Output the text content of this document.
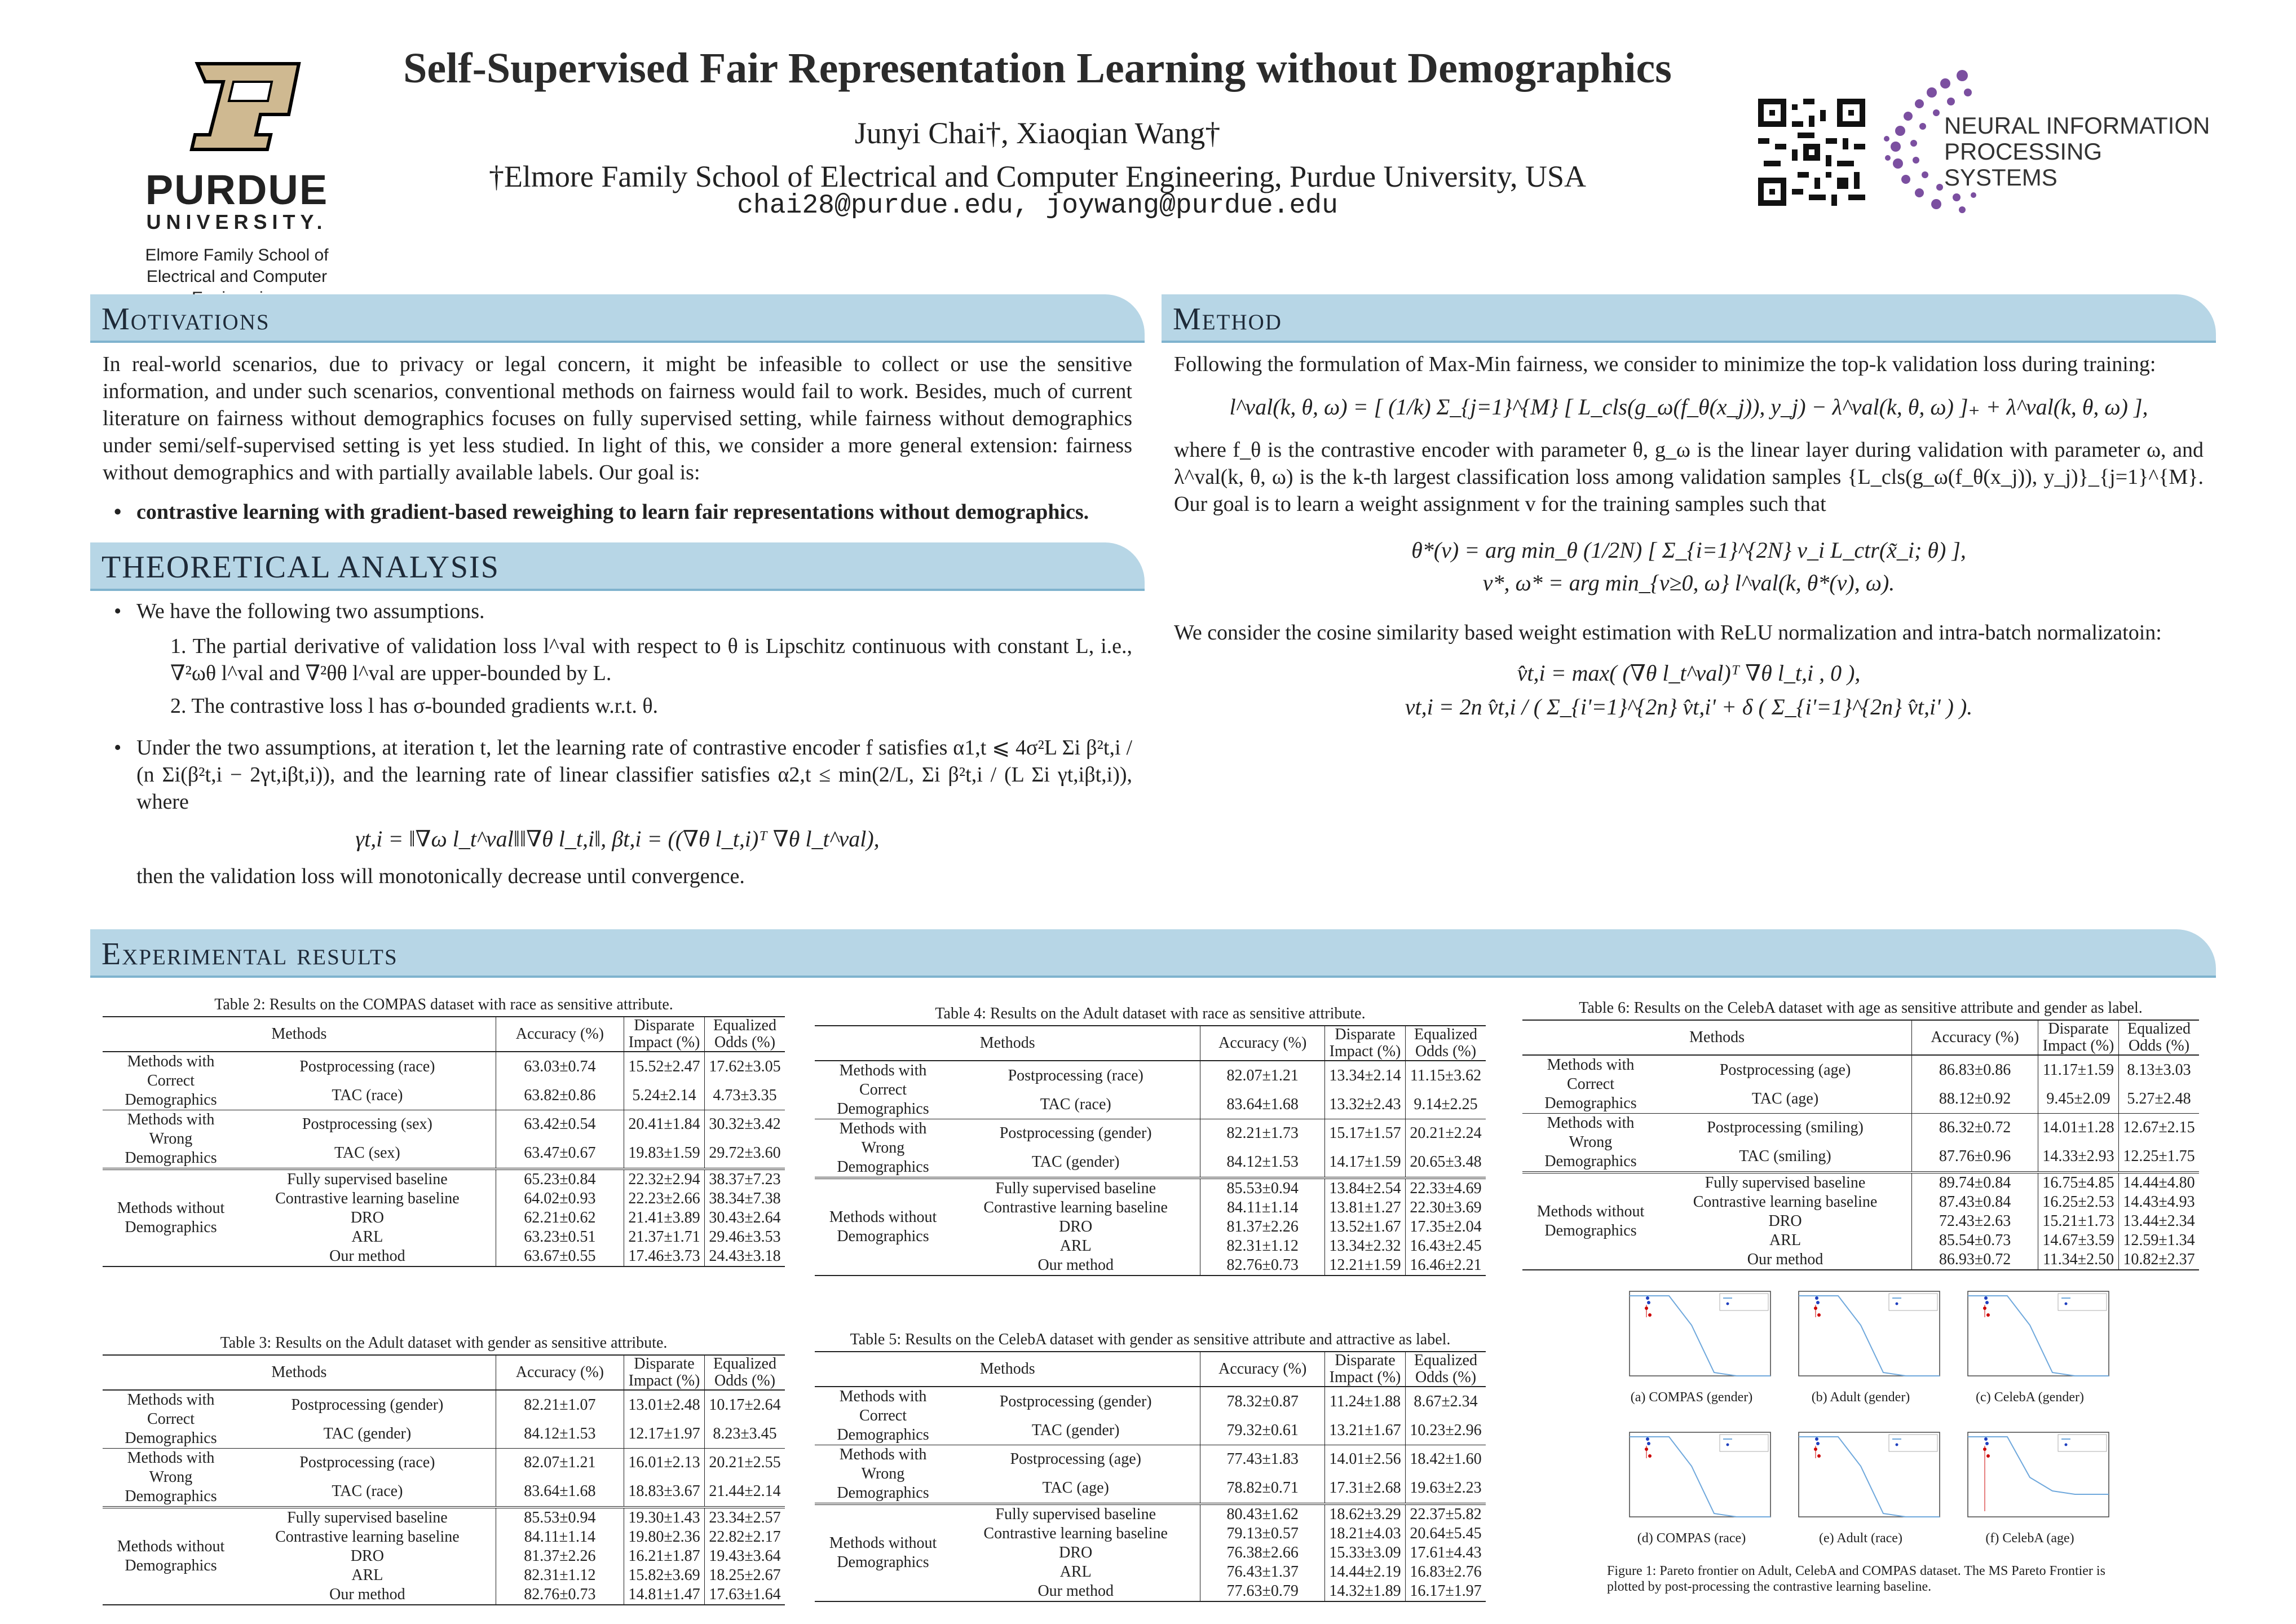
PURDUE
UNIVERSITY.
Elmore Family School of Electrical and Computer
Self-Supervised Fair Representation Learning without Demographics
Junyi Chai†, Xiaoqian Wang†
†Elmore Family School of Electrical and Computer Engineering, Purdue University, USA
chai28@purdue.edu, joywang@purdue.edu
NEURAL INFORMATION
PROCESSING SYSTEMS
Motivations
In real-world scenarios, due to privacy or legal concern, it might be infeasible to collect or use the sensitive information, and under such scenarios, conventional methods on fairness would fail to work. Besides, much of current literature on fairness without demographics focuses on fully supervised setting, while fairness without demographics under semi/self-supervised setting is yet less studied. In light of this, we consider a more general extension: fairness without demographics and with partially available labels. Our goal is:
• contrastive learning with gradient-based reweighing to learn fair representations without demographics.
THEORETICAL ANALYSIS
• We have the following two assumptions.
1. The partial derivative of validation loss l^val with respect to θ is Lipschitz continuous with constant L, i.e., ∇²ωθ l^val and ∇²θθ l^val are upper-bounded by L.
2. The contrastive loss l has σ-bounded gradients w.r.t. θ.
• Under the two assumptions, at iteration t, let the learning rate of contrastive encoder f satisfies α1,t ⩽ 4σ²L Σi β²t,i / (n Σi(β²t,i − 2γt,iβt,i)), and the learning rate of linear classifier satisfies α2,t ≤ min(2/L, Σi β²t,i / (L Σi γt,iβt,i)), where
γt,i = ‖∇ω l_t^val‖‖∇θ l_t,i‖, βt,i = ((∇θ l_t,i)ᵀ ∇θ l_t^val),
then the validation loss will monotonically decrease until convergence.
Method
Following the formulation of Max-Min fairness, we consider to minimize the top-k validation loss during training:
l^val(k, θ, ω) = [ (1/k) Σ_{j=1}^{M} [ L_cls(g_ω(f_θ(x_j)), y_j) − λ^val(k, θ, ω) ]₊ + λ^val(k, θ, ω) ],
where f_θ is the contrastive encoder with parameter θ, g_ω is the linear layer during validation with parameter ω, and λ^val(k, θ, ω) is the k-th largest classification loss among validation samples {L_cls(g_ω(f_θ(x_j)), y_j)}_{j=1}^{M}. Our goal is to learn a weight assignment v for the training samples such that
θ*(v) = arg min_θ (1/2N) [ Σ_{i=1}^{2N} v_i L_ctr(x̃_i; θ) ],
v*, ω* = arg min_{v≥0, ω} l^val(k, θ*(v), ω).
We consider the cosine similarity based weight estimation with ReLU normalization and intra-batch normalizatoin:
v̂t,i = max( (∇θ l_t^val)ᵀ ∇θ l_t,i , 0 ),
vt,i = 2n v̂t,i / ( Σ_{i'=1}^{2n} v̂t,i' + δ ( Σ_{i'=1}^{2n} v̂t,i' ) ).
Experimental results
Table 2: Results on the COMPAS dataset with race as sensitive attribute.
Methods		Accuracy (%)	Disparate Impact (%)	Equalized Odds (%)
Methods with Correct Demographics	Postprocessing (race)	63.03±0.74	15.52±2.47	17.62±3.05
	TAC (race)	63.82±0.86	5.24±2.14	4.73±3.35
Methods with Wrong Demographics	Postprocessing (sex)	63.42±0.54	20.41±1.84	30.32±3.42
	TAC (sex)	63.47±0.67	19.83±1.59	29.72±3.60
Methods without Demographics	Fully supervised baseline	65.23±0.84	22.32±2.94	38.37±7.23
	Contrastive learning baseline	64.02±0.93	22.23±2.66	38.34±7.38
	DRO	62.21±0.62	21.41±3.89	30.43±2.64
	ARL	63.23±0.51	21.37±1.71	29.46±3.53
	Our method	63.67±0.55	17.46±3.73	24.43±3.18
Table 4: Results on the Adult dataset with race as sensitive attribute.
Methods		Accuracy (%)	Disparate Impact (%)	Equalized Odds (%)
Methods with Correct Demographics	Postprocessing (race)	82.07±1.21	13.34±2.14	11.15±3.62
	TAC (race)	83.64±1.68	13.32±2.43	9.14±2.25
Methods with Wrong Demographics	Postprocessing (gender)	82.21±1.73	15.17±1.57	20.21±2.24
	TAC (gender)	84.12±1.53	14.17±1.59	20.65±3.48
Methods without Demographics	Fully supervised baseline	85.53±0.94	13.84±2.54	22.33±4.69
	Contrastive learning baseline	84.11±1.14	13.81±1.27	22.30±3.69
	DRO	81.37±2.26	13.52±1.67	17.35±2.04
	ARL	82.31±1.12	13.34±2.32	16.43±2.45
	Our method	82.76±0.73	12.21±1.59	16.46±2.21
Table 6: Results on the CelebA dataset with age as sensitive attribute and gender as label.
Methods		Accuracy (%)	Disparate Impact (%)	Equalized Odds (%)
Methods with Correct Demographics	Postprocessing (age)	86.83±0.86	11.17±1.59	8.13±3.03
	TAC (age)	88.12±0.92	9.45±2.09	5.27±2.48
Methods with Wrong Demographics	Postprocessing (smiling)	86.32±0.72	14.01±1.28	12.67±2.15
	TAC (smiling)	87.76±0.96	14.33±2.93	12.25±1.75
Methods without Demographics	Fully supervised baseline	89.74±0.84	16.75±4.85	14.44±4.80
	Contrastive learning baseline	87.43±0.84	16.25±2.53	14.43±4.93
	DRO	72.43±2.63	15.21±1.73	13.44±2.34
	ARL	85.54±0.73	14.67±3.59	12.59±1.34
	Our method	86.93±0.72	11.34±2.50	10.82±2.37
Table 3: Results on the Adult dataset with gender as sensitive attribute.
Methods		Accuracy (%)	Disparate Impact (%)	Equalized Odds (%)
Methods with Correct Demographics	Postprocessing (gender)	82.21±1.07	13.01±2.48	10.17±2.64
	TAC (gender)	84.12±1.53	12.17±1.97	8.23±3.45
Methods with Wrong Demographics	Postprocessing (race)	82.07±1.21	16.01±2.13	20.21±2.55
	TAC (race)	83.64±1.68	18.83±3.67	21.44±2.14
Methods without Demographics	Fully supervised baseline	85.53±0.94	19.30±1.43	23.34±2.57
	Contrastive learning baseline	84.11±1.14	19.80±2.36	22.82±2.17
	DRO	81.37±2.26	16.21±1.87	19.43±3.64
	ARL	82.31±1.12	15.82±3.69	18.25±2.67
	Our method	82.76±0.73	14.81±1.47	17.63±1.64
Table 5: Results on the CelebA dataset with gender as sensitive attribute and attractive as label.
Methods		Accuracy (%)	Disparate Impact (%)	Equalized Odds (%)
Methods with Correct Demographics	Postprocessing (gender)	78.32±0.87	11.24±1.88	8.67±2.34
	TAC (gender)	79.32±0.61	13.21±1.67	10.23±2.96
Methods with Wrong Demographics	Postprocessing (age)	77.43±1.83	14.01±2.56	18.42±1.60
	TAC (age)	78.82±0.71	17.31±2.68	19.63±2.23
Methods without Demographics	Fully supervised baseline	80.43±1.62	18.62±3.29	22.37±5.82
	Contrastive learning baseline	79.13±0.57	18.21±4.03	20.64±5.45
	DRO	76.38±2.66	15.33±3.09	17.61±4.43
	ARL	76.43±1.37	14.44±2.19	16.83±2.76
	Our method	77.63±0.79	14.32±1.89	16.17±1.97
(a) COMPAS (gender)	(b) Adult (gender)	(c) CelebA (gender)
(d) COMPAS (race)	(e) Adult (race)	(f) CelebA (age)
Figure 1: Pareto frontier on Adult, CelebA and COMPAS dataset. The MS Pareto Frontier is plotted by post-processing the contrastive learning baseline.
